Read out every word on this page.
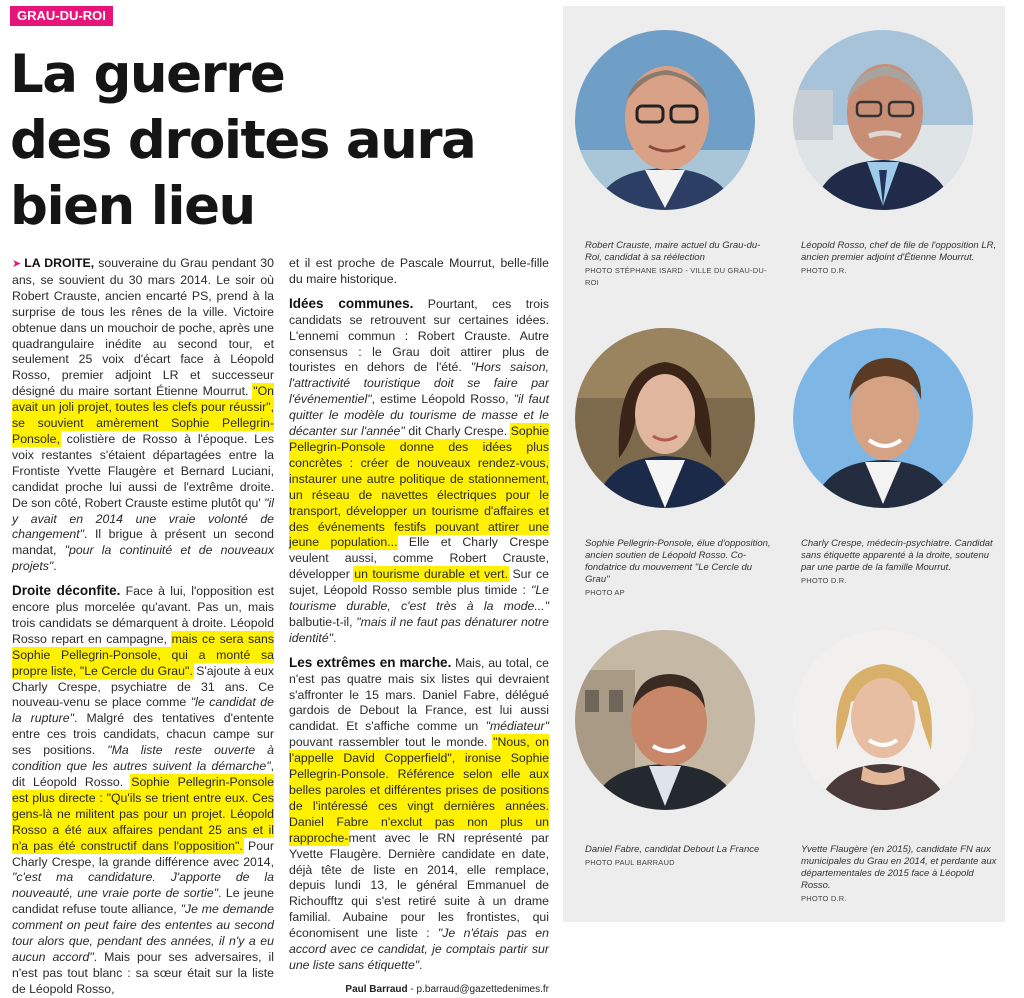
GRAU-DU-ROI
La guerre
des droites aura
bien lieu

➤ LA DROITE, souveraine du Grau pendant 30 ans, se souvient du 30 mars 2014. Le soir où Robert Crauste, ancien encarté PS, prend à la surprise de tous les rênes de la ville. Victoire obtenue dans un mouchoir de poche, après une quadrangulaire inédite au second tour, et seulement 25 voix d'écart face à Léopold Rosso, premier adjoint LR et successeur désigné du maire sortant Étienne Mourrut. "On avait un joli projet, toutes les clefs pour réussir", se souvient amèrement Sophie Pellegrin-Ponsole, colistière de Rosso à l'époque. Les voix restantes s'étaient départagées entre la Frontiste Yvette Flaugère et Bernard Luciani, candidat proche lui aussi de l'extrême droite. De son côté, Robert Crauste estime plutôt qu' "il y avait en 2014 une vraie volonté de changement". Il brigue à présent un second mandat, "pour la continuité et de nouveaux projets".

Droite déconfite. Face à lui, l'opposition est encore plus morcelée qu'avant. Pas un, mais trois candidats se démarquent à droite. Léopold Rosso repart en campagne, mais ce sera sans Sophie Pellegrin-Ponsole, qui a monté sa propre liste, "Le Cercle du Grau". S'ajoute à eux Charly Crespe, psychiatre de 31 ans. Ce nouveau-venu se place comme "le candidat de la rupture". Malgré des tentatives d'entente entre ces trois candidats, chacun campe sur ses positions. "Ma liste reste ouverte à condition que les autres suivent la démarche", dit Léopold Rosso. Sophie Pellegrin-Ponsole est plus directe : "Qu'ils se trient entre eux. Ces gens-là ne militent pas pour un projet. Léopold Rosso a été aux affaires pendant 25 ans et il n'a pas été constructif dans l'opposition". Pour Charly Crespe, la grande différence avec 2014, "c'est ma candidature. J'apporte de la nouveauté, une vraie porte de sortie". Le jeune candidat refuse toute alliance, "Je me demande comment on peut faire des ententes au second tour alors que, pendant des années, il n'y a eu aucun accord". Mais pour ses adversaires, il n'est pas tout blanc : sa sœur était sur la liste de Léopold Rosso,

et il est proche de Pascale Mourrut, belle-fille du maire historique.

Idées communes. Pourtant, ces trois candidats se retrouvent sur certaines idées. L'ennemi commun : Robert Crauste. Autre consensus : le Grau doit attirer plus de touristes en dehors de l'été. "Hors saison, l'attractivité touristique doit se faire par l'événementiel", estime Léopold Rosso, "il faut quitter le modèle du tourisme de masse et le décanter sur l'année" dit Charly Crespe. Sophie Pellegrin-Ponsole donne des idées plus concrètes : créer de nouveaux rendez-vous, instaurer une autre politique de stationnement, un réseau de navettes électriques pour le transport, développer un tourisme d'affaires et des événements festifs pouvant attirer une jeune population... Elle et Charly Crespe veulent aussi, comme Robert Crauste, développer un tourisme durable et vert. Sur ce sujet, Léopold Rosso semble plus timide : "Le tourisme durable, c'est très à la mode..." balbutie-t-il, "mais il ne faut pas dénaturer notre identité".

Les extrêmes en marche. Mais, au total, ce n'est pas quatre mais six listes qui devraient s'affronter le 15 mars. Daniel Fabre, délégué gardois de Debout la France, est lui aussi candidat. Et s'affiche comme un "médiateur" pouvant rassembler tout le monde. "Nous, on l'appelle David Copperfield", ironise Sophie Pellegrin-Ponsole. Référence selon elle aux belles paroles et différentes prises de positions de l'intéressé ces vingt dernières années. Daniel Fabre n'exclut pas non plus un rapproche-ment avec le RN représenté par Yvette Flaugère. Dernière candidate en date, déjà tête de liste en 2014, elle remplace, depuis lundi 13, le général Emmanuel de Richoufftz qui s'est retiré suite à un drame familial. Aubaine pour les frontistes, qui économisent une liste : "Je n'étais pas en accord avec ce candidat, je comptais partir sur une liste sans étiquette".

Paul Barraud - p.barraud@gazettedenimes.fr
Robert Crauste, maire actuel du Grau-du-Roi, candidat à sa réélection
PHOTO STÉPHANE ISARD - VILLE DU GRAU-DU-ROI
Léopold Rosso, chef de file de l'opposition LR, ancien premier adjoint d'Étienne Mourrut.
PHOTO D.R.
Sophie Pellegrin-Ponsole, élue d'opposition, ancien soutien de Léopold Rosso. Co-fondatrice du mouvement "Le Cercle du Grau"
PHOTO AP
Charly Crespe, médecin-psychiatre. Candidat sans étiquette apparenté à la droite, soutenu par une partie de la famille Mourrut.
PHOTO D.R.
Daniel Fabre, candidat Debout La France
PHOTO PAUL BARRAUD
Yvette Flaugère (en 2015), candidate FN aux municipales du Grau en 2014, et perdante aux départementales de 2015 face à Léopold Rosso.
PHOTO D.R.
